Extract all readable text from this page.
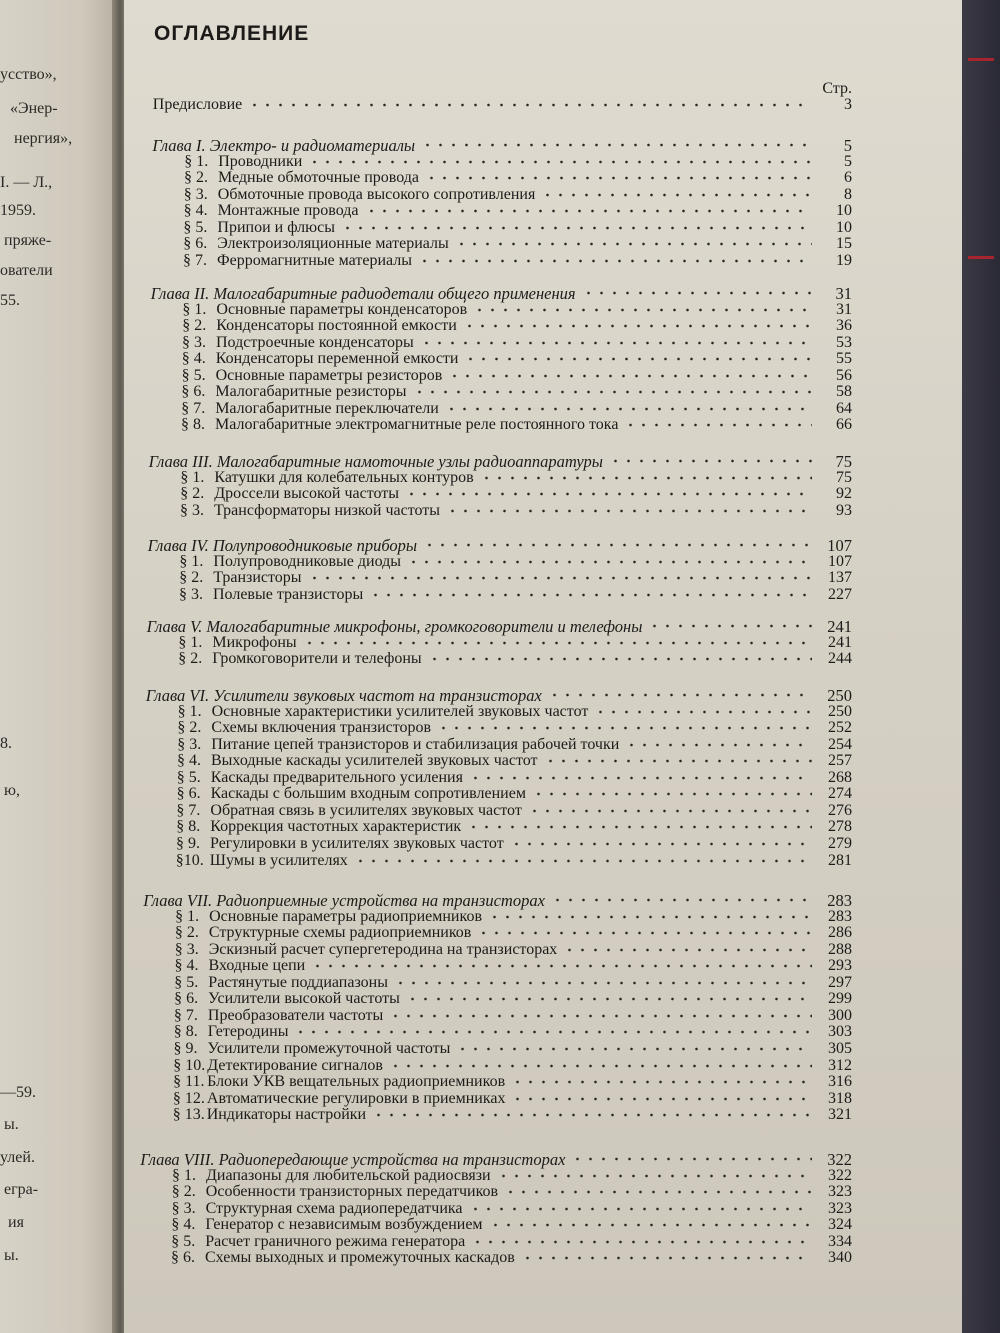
усство»,
«Энер-
нергия»,
І. — Л.,
1959.
пряже-
ователи
55.
8.
ю,
—59.
ы.
улей.
егра-
ия
ы.
ОГЛАВЛЕНИЕ
Стр.
Предисловие	3
Глава I. Электро- и радиоматериалы	5
§ 1. Проводники	5
§ 2. Медные обмоточные провода	6
§ 3. Обмоточные провода высокого сопротивления	8
§ 4. Монтажные провода	10
§ 5. Припои и флюсы	10
§ 6. Электроизоляционные материалы	15
§ 7. Ферромагнитные материалы	19
Глава II. Малогабаритные радиодетали общего применения	31
§ 1. Основные параметры конденсаторов	31
§ 2. Конденсаторы постоянной емкости	36
§ 3. Подстроечные конденсаторы	53
§ 4. Конденсаторы переменной емкости	55
§ 5. Основные параметры резисторов	56
§ 6. Малогабаритные резисторы	58
§ 7. Малогабаритные переключатели	64
§ 8. Малогабаритные электромагнитные реле постоянного тока	66
Глава III. Малогабаритные намоточные узлы радиоаппаратуры	75
§ 1. Катушки для колебательных контуров	75
§ 2. Дроссели высокой частоты	92
§ 3. Трансформаторы низкой частоты	93
Глава IV. Полупроводниковые приборы	107
§ 1. Полупроводниковые диоды	107
§ 2. Транзисторы	137
§ 3. Полевые транзисторы	227
Глава V. Малогабаритные микрофоны, громкоговорители и телефоны	241
§ 1. Микрофоны	241
§ 2. Громкоговорители и телефоны	244
Глава VI. Усилители звуковых частот на транзисторах	250
§ 1. Основные характеристики усилителей звуковых частот	250
§ 2. Схемы включения транзисторов	252
§ 3. Питание цепей транзисторов и стабилизация рабочей точки	254
§ 4. Выходные каскады усилителей звуковых частот	257
§ 5. Каскады предварительного усиления	268
§ 6. Каскады с большим входным сопротивлением	274
§ 7. Обратная связь в усилителях звуковых частот	276
§ 8. Коррекция частотных характеристик	278
§ 9. Регулировки в усилителях звуковых частот	279
§10. Шумы в усилителях	281
Глава VII. Радиоприемные устройства на транзисторах	283
§ 1. Основные параметры радиоприемников	283
§ 2. Структурные схемы радиоприемников	286
§ 3. Эскизный расчет супергетеродина на транзисторах	288
§ 4. Входные цепи	293
§ 5. Растянутые поддиапазоны	297
§ 6. Усилители высокой частоты	299
§ 7. Преобразователи частоты	300
§ 8. Гетеродины	303
§ 9. Усилители промежуточной частоты	305
§ 10. Детектирование сигналов	312
§ 11. Блоки УКВ вещательных радиоприемников	316
§ 12. Автоматические регулировки в приемниках	318
§ 13. Индикаторы настройки	321
Глава VIII. Радиопередающие устройства на транзисторах	322
§ 1. Диапазоны для любительской радиосвязи	322
§ 2. Особенности транзисторных передатчиков	323
§ 3. Структурная схема радиопередатчика	323
§ 4. Генератор с независимым возбуждением	324
§ 5. Расчет граничного режима генератора	334
§ 6. Схемы выходных и промежуточных каскадов	340
